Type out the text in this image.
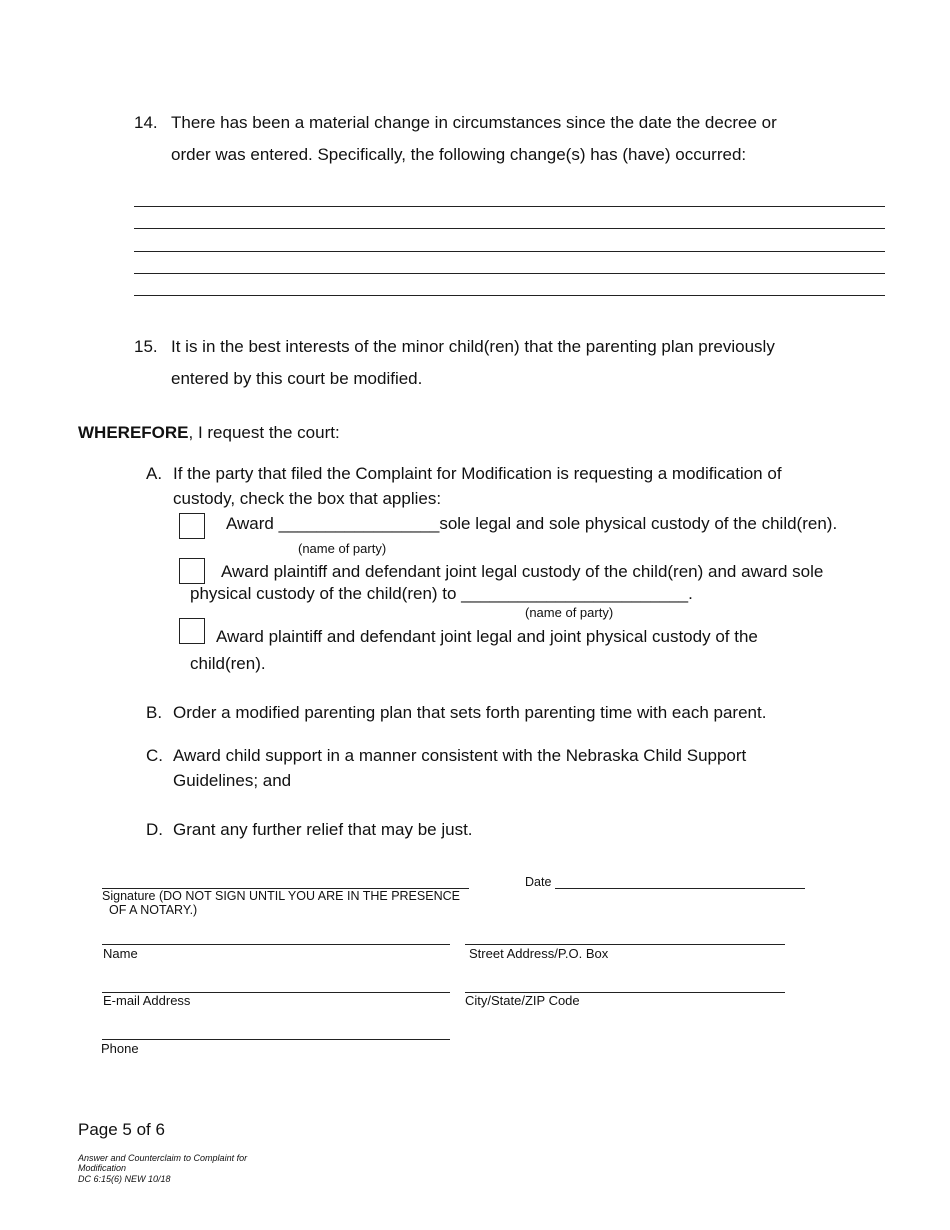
14. There has been a material change in circumstances since the date the decree or
order was entered. Specifically, the following change(s) has (have) occurred:
15. It is in the best interests of the minor child(ren) that the parenting plan previously
entered by this court be modified.
WHEREFORE, I request the court:
A. If the party that filed the Complaint for Modification is requesting a modification of
custody, check the box that applies:
Award _________________sole legal and sole physical custody of the child(ren).
(name of party)
Award plaintiff and defendant joint legal custody of the child(ren) and award sole
physical custody of the child(ren) to ________________________.
(name of party)
Award plaintiff and defendant joint legal and joint physical custody of the
child(ren).
B. Order a modified parenting plan that sets forth parenting time with each parent.
C. Award child support in a manner consistent with the Nebraska Child Support
Guidelines; and
D. Grant any further relief that may be just.
Signature (DO NOT SIGN UNTIL YOU ARE IN THE PRESENCE
OF A NOTARY.)
Date
Name	Street Address/P.O. Box
E-mail Address	City/State/ZIP Code
Phone
Page 5 of 6
Answer and Counterclaim to Complaint for
Modification
DC 6:15(6) NEW 10/18
